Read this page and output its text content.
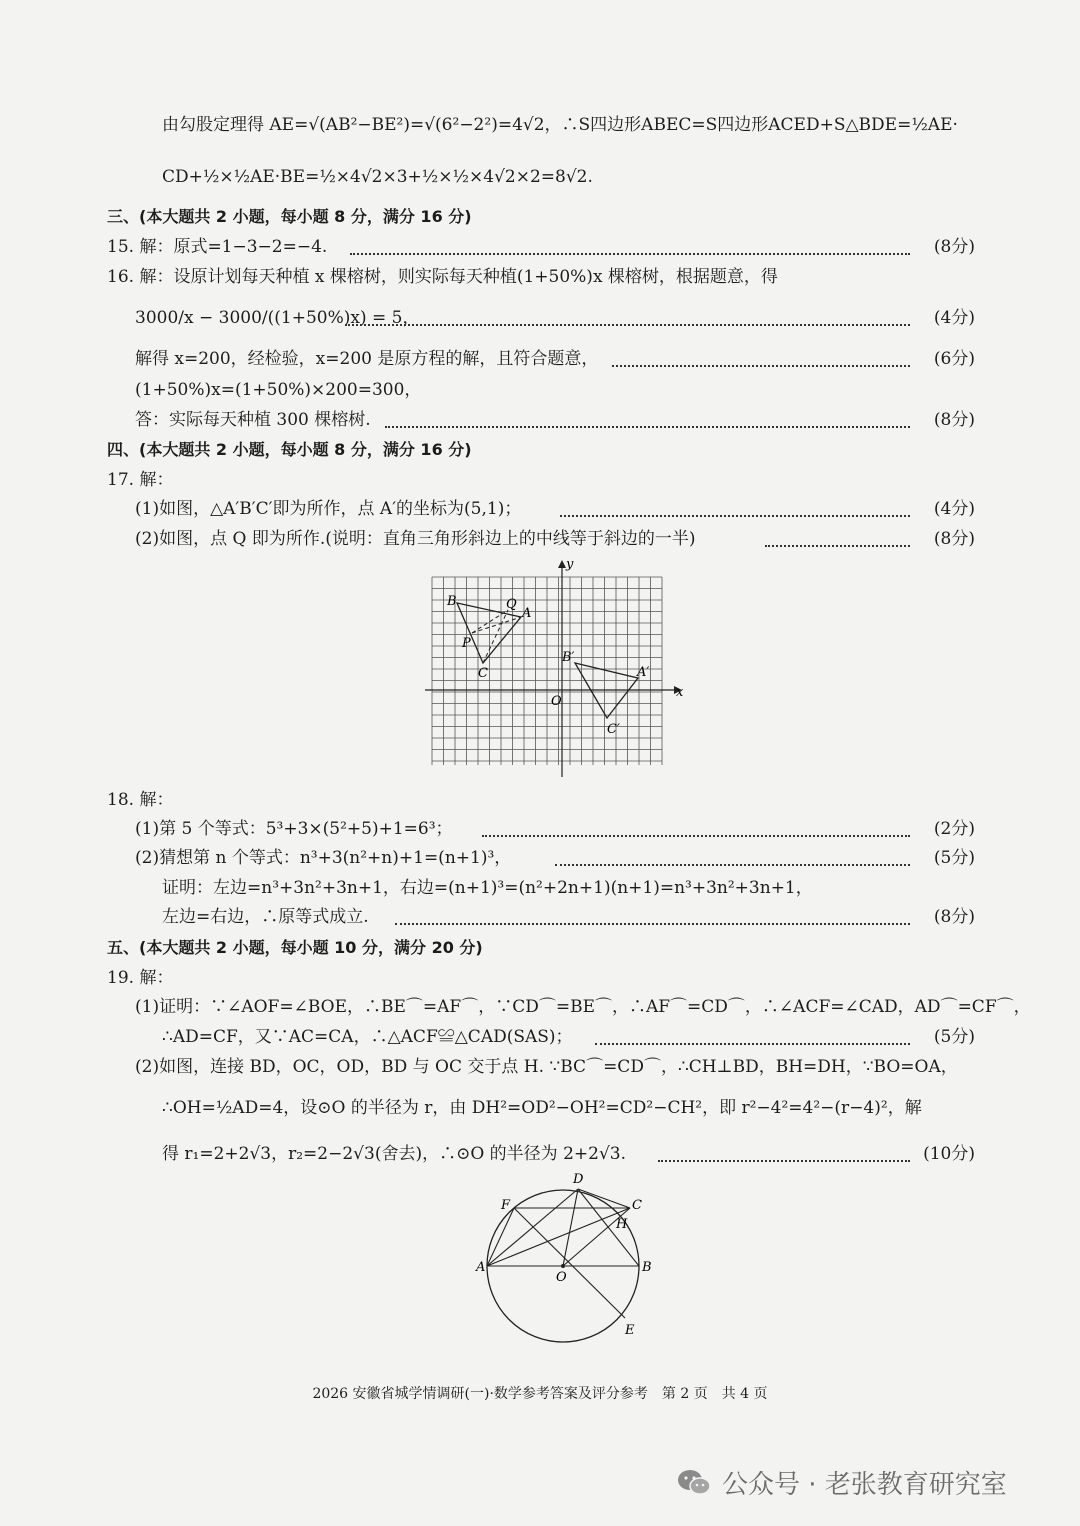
由勾股定理得 AE=√(AB²−BE²)=√(6²−2²)=4√2，∴S四边形ABEC=S四边形ACED+S△BDE=½AE·
CD+½×½AE·BE=½×4√2×3+½×½×4√2×2=8√2.
三、(本大题共 2 小题，每小题 8 分，满分 16 分)
15. 解：原式=1−3−2=−4.	(8分)
16. 解：设原计划每天种植 x 棵榕树，则实际每天种植(1+50%)x 棵榕树，根据题意，得
3000/x − 3000/((1+50%)x) = 5，	(4分)
解得 x=200，经检验，x=200 是原方程的解，且符合题意，	(6分)
(1+50%)x=(1+50%)×200=300，
答：实际每天种植 300 棵榕树.	(8分)
四、(本大题共 2 小题，每小题 8 分，满分 16 分)
17. 解：
(1)如图，△A′B′C′即为所作，点 A′的坐标为(5,1)；	(4分)
(2)如图，点 Q 即为所作.(说明：直角三角形斜边上的中线等于斜边的一半)	(8分)
y
x
O
B	Q
A
P
C
B′
A′
C′
18. 解：
(1)第 5 个等式：5³+3×(5²+5)+1=6³；	(2分)
(2)猜想第 n 个等式：n³+3(n²+n)+1=(n+1)³，	(5分)
证明：左边=n³+3n²+3n+1，右边=(n+1)³=(n²+2n+1)(n+1)=n³+3n²+3n+1，
左边=右边，∴原等式成立.	(8分)
五、(本大题共 2 小题，每小题 10 分，满分 20 分)
19. 解：
(1)证明：∵∠AOF=∠BOE，∴BE⌒=AF⌒，∵CD⌒=BE⌒，∴AF⌒=CD⌒，∴∠ACF=∠CAD，AD⌒=CF⌒，
∴AD=CF，又∵AC=CA，∴△ACF≌△CAD(SAS)；	(5分)
(2)如图，连接 BD，OC，OD，BD 与 OC 交于点 H. ∵BC⌒=CD⌒，∴CH⊥BD，BH=DH，∵BO=OA，
∴OH=½AD=4，设⊙O 的半径为 r，由 DH²=OD²−OH²=CD²−CH²，即 r²−4²=4²−(r−4)²，解
得 r₁=2+2√3，r₂=2−2√3(舍去)，∴⊙O 的半径为 2+2√3.	(10分)
D
F	C
H
A
O
B
E
2026 安徽省城学情调研(一)·数学参考答案及评分参考　第 2 页　共 4 页
公众号 · 老张教育研究室
